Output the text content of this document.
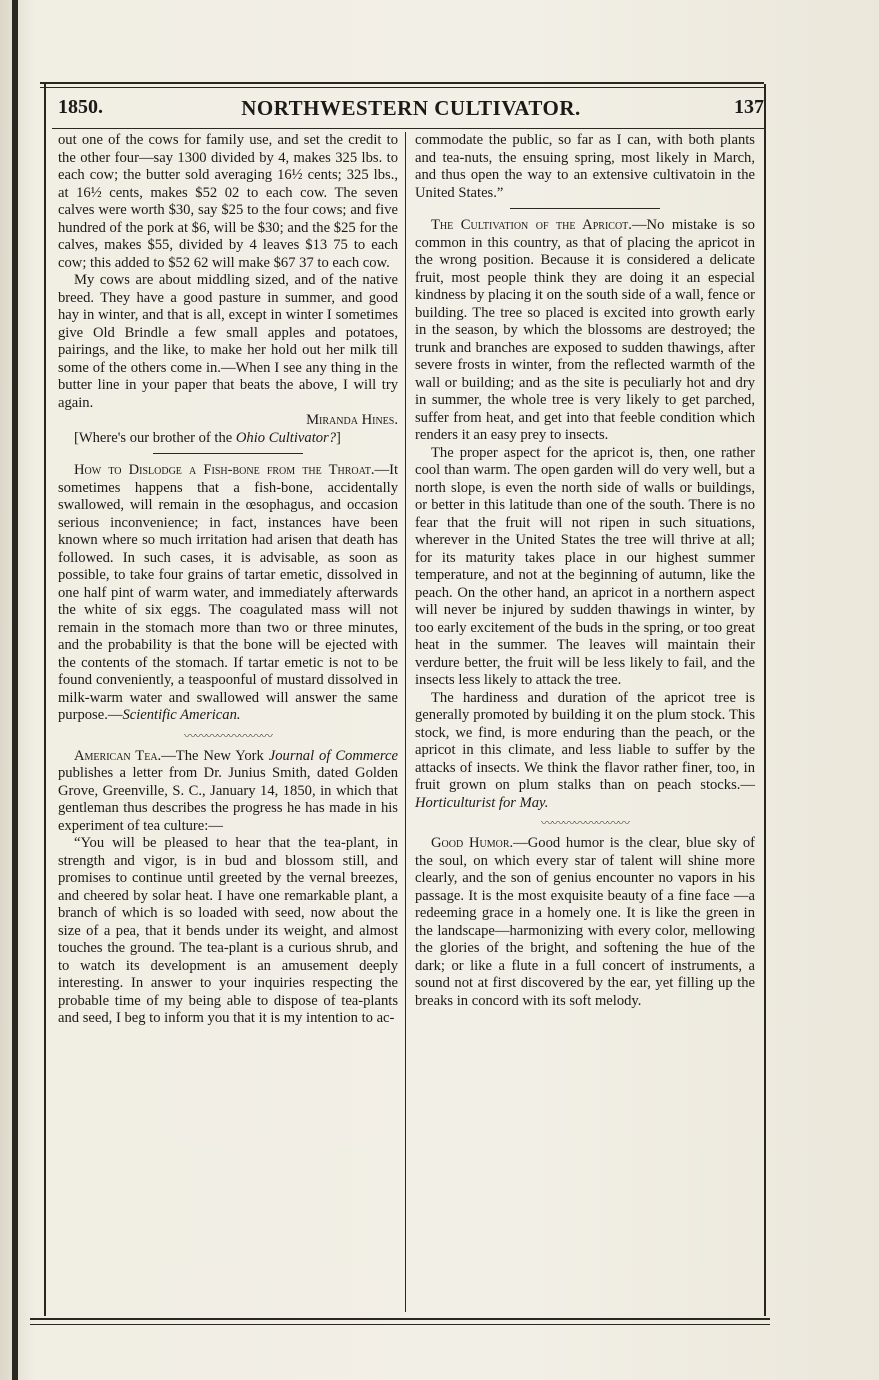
1850.	NORTHWESTERN CULTIVATOR.	137

out one of the cows for family use, and set the credit to the other four—say 1300 divided by 4, makes 325 lbs. to each cow; the butter sold averaging 16½ cents; 325 lbs., at 16½ cents, makes $52 02 to each cow. The seven calves were worth $30, say $25 to the four cows; and five hundred of the pork at $6, will be $30; and the $25 for the calves, makes $55, divided by 4 leaves $13 75 to each cow; this added to $52 62 will make $67 37 to each cow.

My cows are about middling sized, and of the native breed. They have a good pasture in summer, and good hay in winter, and that is all, except in winter I sometimes give Old Brindle a few small apples and potatoes, pairings, and the like, to make her hold out her milk till some of the others come in.—When I see any thing in the butter line in your paper that beats the above, I will try again.

Miranda Hines.

[Where's our brother of the Ohio Cultivator?]

How to Dislodge a Fish-bone from the Throat.—It sometimes happens that a fish-bone, accidentally swallowed, will remain in the œsophagus, and occasion serious inconvenience; in fact, instances have been known where so much irritation had arisen that death has followed. In such cases, it is advisable, as soon as possible, to take four grains of tartar emetic, dissolved in one half pint of warm water, and immediately afterwards the white of six eggs. The coagulated mass will not remain in the stomach more than two or three minutes, and the probability is that the bone will be ejected with the contents of the stomach. If tartar emetic is not to be found conveniently, a teaspoonful of mustard dissolved in milk-warm water and swallowed will answer the same purpose.—Scientific American.

〰〰〰〰〰〰〰〰

American Tea.—The New York Journal of Commerce publishes a letter from Dr. Junius Smith, dated Golden Grove, Greenville, S. C., January 14, 1850, in which that gentleman thus describes the progress he has made in his experiment of tea culture:—

“You will be pleased to hear that the tea-plant, in strength and vigor, is in bud and blossom still, and promises to continue until greeted by the vernal breezes, and cheered by solar heat. I have one remarkable plant, a branch of which is so loaded with seed, now about the size of a pea, that it bends under its weight, and almost touches the ground. The tea-plant is a curious shrub, and to watch its development is an amusement deeply interesting. In answer to your inquiries respecting the probable time of my being able to dispose of tea-plants and seed, I beg to inform you that it is my intention to ac-

commodate the public, so far as I can, with both plants and tea-nuts, the ensuing spring, most likely in March, and thus open the way to an extensive cultivatoin in the United States.”

The Cultivation of the Apricot.—No mistake is so common in this country, as that of placing the apricot in the wrong position. Because it is considered a delicate fruit, most people think they are doing it an especial kindness by placing it on the south side of a wall, fence or building. The tree so placed is excited into growth early in the season, by which the blossoms are destroyed; the trunk and branches are exposed to sudden thawings, after severe frosts in winter, from the reflected warmth of the wall or building; and as the site is peculiarly hot and dry in summer, the whole tree is very likely to get parched, suffer from heat, and get into that feeble condition which renders it an easy prey to insects.

The proper aspect for the apricot is, then, one rather cool than warm. The open garden will do very well, but a north slope, is even the north side of walls or buildings, or better in this latitude than one of the south. There is no fear that the fruit will not ripen in such situations, wherever in the United States the tree will thrive at all; for its maturity takes place in our highest summer temperature, and not at the beginning of autumn, like the peach. On the other hand, an apricot in a northern aspect will never be injured by sudden thawings in winter, by too early excitement of the buds in the spring, or too great heat in the summer. The leaves will maintain their verdure better, the fruit will be less likely to fail, and the insects less likely to attack the tree.

The hardiness and duration of the apricot tree is generally promoted by building it on the plum stock. This stock, we find, is more enduring than the peach, or the apricot in this climate, and less liable to suffer by the attacks of insects. We think the flavor rather finer, too, in fruit grown on plum stalks than on peach stocks.—Horticulturist for May.

〰〰〰〰〰〰〰〰

Good Humor.—Good humor is the clear, blue sky of the soul, on which every star of talent will shine more clearly, and the son of genius encounter no vapors in his passage. It is the most exquisite beauty of a fine face —a redeeming grace in a homely one. It is like the green in the landscape—harmonizing with every color, mellowing the glories of the bright, and softening the hue of the dark; or like a flute in a full concert of instruments, a sound not at first discovered by the ear, yet filling up the breaks in concord with its soft melody.
